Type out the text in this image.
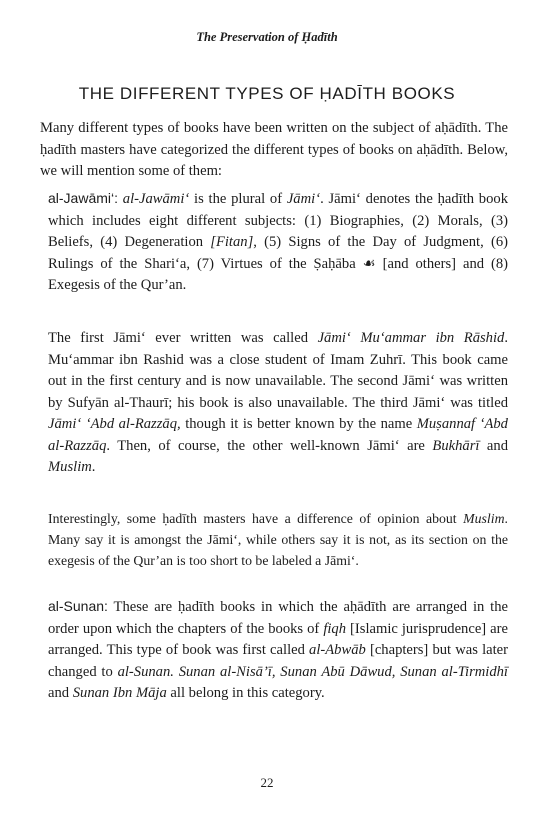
The Preservation of Ḥadīth
THE DIFFERENT TYPES OF ḤADĪTH BOOKS

Many different types of books have been written on the subject of aḥādīth. The ḥadīth masters have categorized the different types of books on aḥādīth. Below, we will mention some of them:

al-Jawāmi‘: al-Jawāmi‘ is the plural of Jāmi‘. Jāmi‘ denotes the ḥadīth book which includes eight different subjects: (1) Biographies, (2) Morals, (3) Beliefs, (4) Degeneration [Fitan], (5) Signs of the Day of Judgment, (6) Rulings of the Shari‘a, (7) Virtues of the Ṣaḥāba ☙ [and others] and (8) Exegesis of the Qur’an.

The first Jāmi‘ ever written was called Jāmi‘ Mu‘ammar ibn Rāshid. Mu‘ammar ibn Rashid was a close student of Imam Zuhrī. This book came out in the first century and is now unavailable. The second Jāmi‘ was written by Sufyān al-Thaurī; his book is also unavailable. The third Jāmi‘ was titled Jāmi‘ ‘Abd al-Razzāq, though it is better known by the name Muṣannaf ‘Abd al-Razzāq. Then, of course, the other well-known Jāmi‘ are Bukhārī and Muslim.

Interestingly, some ḥadīth masters have a difference of opinion about Muslim. Many say it is amongst the Jāmi‘, while others say it is not, as its section on the exegesis of the Qur’an is too short to be labeled a Jāmi‘.

al-Sunan: These are ḥadīth books in which the aḥādīth are arranged in the order upon which the chapters of the books of fiqh [Islamic jurisprudence] are arranged. This type of book was first called al-Abwāb [chapters] but was later changed to al-Sunan. Sunan al-Nisā’ī, Sunan Abū Dāwud, Sunan al-Tirmidhī and Sunan Ibn Māja all belong in this category.

22
